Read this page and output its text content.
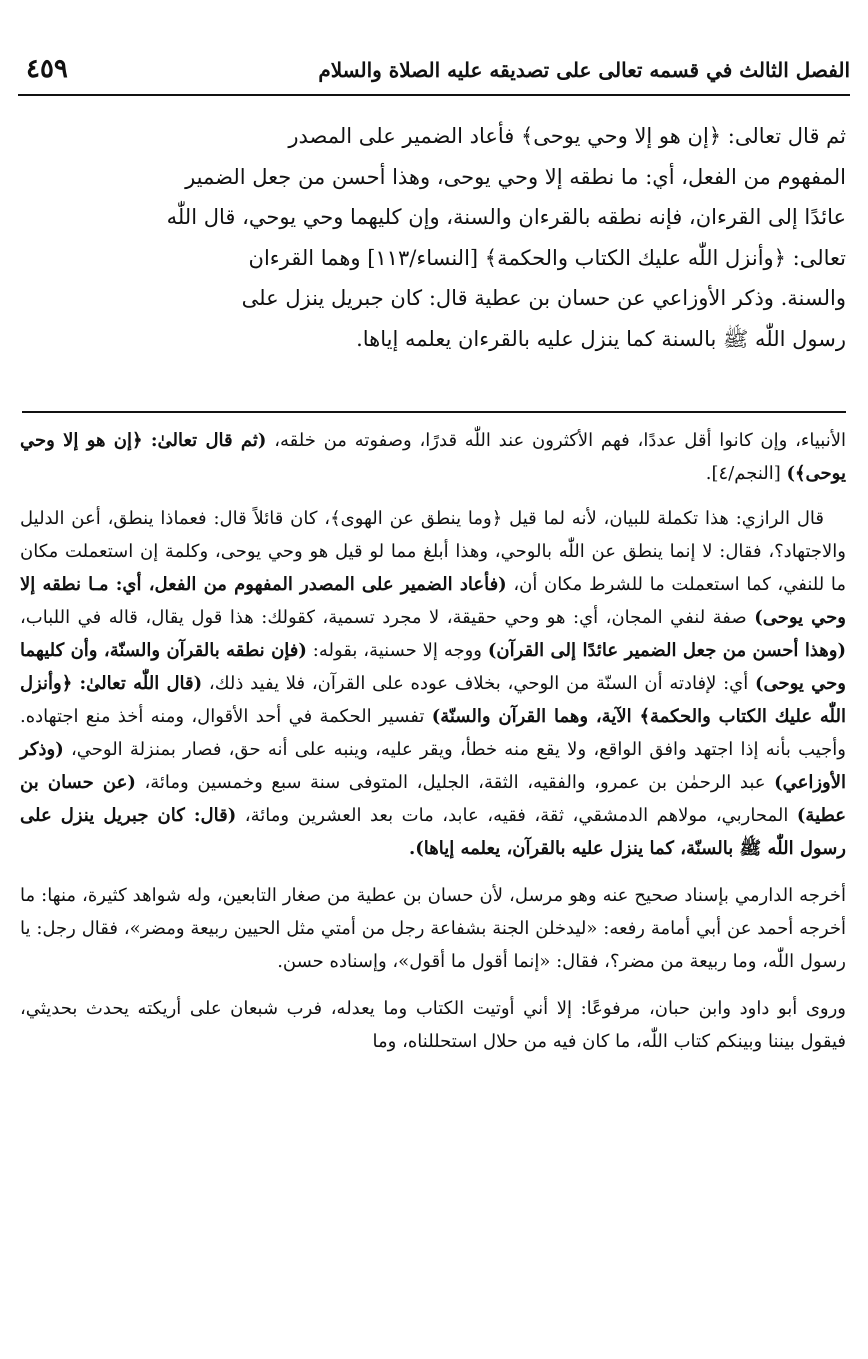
الفصل الثالث في قسمه تعالى على تصديقه عليه الصلاة والسلام
٤٥٩
ثم قال تعالى: ﴿إن هو إلا وحي يوحى﴾ فأعاد الضمير على المصدر
المفهوم من الفعل، أي: ما نطقه إلا وحي يوحى، وهذا أحسن من جعل الضمير
عائدًا إلى القرءان، فإنه نطقه بالقرءان والسنة، وإن كليهما وحي يوحي، قال اللّٰه
تعالى: ﴿وأنزل اللّٰه عليك الكتاب والحكمة﴾ [النساء/١١٣] وهما القرءان
والسنة. وذكر الأوزاعي عن حسان بن عطية قال: كان جبريل ينزل على
رسول اللّٰه ﷺ بالسنة كما ينزل عليه بالقرءان يعلمه إياها.

الأنبياء، وإن كانوا أقل عددًا، فهم الأكثرون عند اللّٰه قدرًا، وصفوته من خلقه، (ثم قال تعالىٰ: ﴿إن هو إلا وحي يوحى﴾) [النجم/٤].

قال الرازي: هذا تكملة للبيان، لأنه لما قيل ﴿وما ينطق عن الهوى﴾، كان قائلاً قال: فعماذا ينطق، أعن الدليل والاجتهاد؟، فقال: لا إنما ينطق عن اللّٰه بالوحي، وهذا أبلغ مما لو قيل هو وحي يوحى، وكلمة إن استعملت مكان ما للنفي، كما استعملت ما للشرط مكان أن، (فأعاد الضمير على المصدر المفهوم من الفعل، أي: مـا نطقه إلا وحي يوحى) صفة لنفي المجان، أي: هو وحي حقيقة، لا مجرد تسمية، كقولك: هذا قول يقال، قاله في اللباب، (وهذا أحسن من جعل الضمير عائدًا إلى القرآن) ووجه إلا حسنية، بقوله: (فإن نطقه بالقرآن والسنّة، وأن كليهما وحي يوحى) أي: لإفادته أن السنّة من الوحي، بخلاف عوده على القرآن، فلا يفيد ذلك، (قال اللّٰه تعالىٰ: ﴿وأنزل اللّٰه عليك الكتاب والحكمة﴾ الآية، وهما القرآن والسنّة) تفسير الحكمة في أحد الأقوال، ومنه أخذ منع اجتهاده. وأجيب بأنه إذا اجتهد وافق الواقع، ولا يقع منه خطأ، ويقر عليه، وينبه على أنه حق، فصار بمنزلة الوحي، (وذكر الأوزاعي) عبد الرحمٰن بن عمرو، والفقيه، الثقة، الجليل، المتوفى سنة سبع وخمسين ومائة، (عن حسان بن عطية) المحاربي، مولاهم الدمشقي، ثقة، فقيه، عابد، مات بعد العشرين ومائة، (قال: كان جبريل ينزل على رسول اللّٰه ﷺ بالسنّة، كما ينزل عليه بالقرآن، يعلمه إياها).

أخرجه الدارمي بإسناد صحيح عنه وهو مرسل، لأن حسان بن عطية من صغار التابعين، وله شواهد كثيرة، منها: ما أخرجه أحمد عن أبي أمامة رفعه: «ليدخلن الجنة بشفاعة رجل من أمتي مثل الحيين ربيعة ومضر»، فقال رجل: يا رسول اللّٰه، وما ربيعة من مضر؟، فقال: «إنما أقول ما أقول»، وإسناده حسن.

وروى أبو داود وابن حبان، مرفوعًا: إلا أني أوتيت الكتاب وما يعدله، فرب شبعان على أريكته يحدث بحديثي، فيقول بيننا وبينكم كتاب اللّٰه، ما كان فيه من حلال استحللناه، وما
